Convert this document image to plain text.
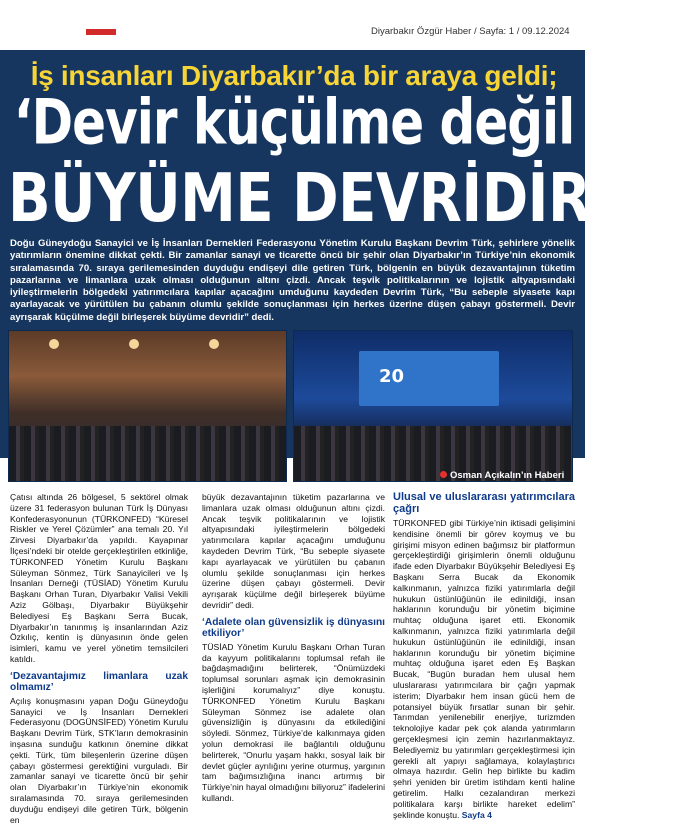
Diyarbakır Özgür Haber / Sayfa: 1 / 09.12.2024
İş insanları Diyarbakır’da bir araya geldi;
‘Devir küçülme değil
BÜYÜME DEVRİDİR..!’
Doğu Güneydoğu Sanayici ve İş İnsanları Dernekleri Federasyonu Yönetim Kurulu Başkanı Devrim Türk, şehirlere yönelik yatırımların önemine dikkat çekti. Bir zamanlar sanayi ve ticarette öncü bir şehir olan Diyarbakır’ın Türkiye’nin ekonomik sıralamasında 70. sıraya gerilemesinden duyduğu endişeyi dile getiren Türk, bölgenin en büyük dezavantajının tüketim pazarlarına ve limanlara uzak olması olduğunun altını çizdi. Ancak teşvik politikalarının ve lojistik altyapısındaki iyileştirmelerin bölgedeki yatırımcılara kapılar açacağını umduğunu kaydeden Devrim Türk, “Bu sebeple siyasete kapı ayarlayacak ve yürütülen bu çabanın olumlu şekilde sonuçlanması için herkes üzerine düşen çabayı göstermeli. Devir ayrışarak küçülme değil birleşerek büyüme devridir” dedi.
20
Osman Açıkalın’ın Haberi

Çatısı altında 26 bölgesel, 5 sektörel olmak üzere 31 federasyon bulunan Türk İş Dünyası Konfederasyonunun (TÜRKONFED) “Küresel Riskler ve Yerel Çözümler” ana temalı 20. Yıl Zirvesi Diyarbakır’da yapıldı. Kayapınar İlçesi’ndeki bir otelde gerçekleştirilen etkinliğe, TÜRKONFED Yönetim Kurulu Başkanı Süleyman Sönmez, Türk Sanayicileri ve İş İnsanları Derneği (TÜSİAD) Yönetim Kurulu Başkanı Orhan Turan, Diyarbakır Valisi Vekili Aziz Gölbaşı, Diyarbakır Büyükşehir Belediyesi Eş Başkanı Serra Bucak, Diyarbakır’ın tanınmış iş insanlarından Aziz Özkılıç, kentin iş dünyasının önde gelen isimleri, kamu ve yerel yönetim temsilcileri katıldı.

‘Dezavantajımız limanlara uzak olmamız’

Açılış konuşmasını yapan Doğu Güneydoğu Sanayici ve İş İnsanları Dernekleri Federasyonu (DOGÜNSİFED) Yönetim Kurulu Başkanı Devrim Türk, STK’ların demokrasinin inşasına sunduğu katkının önemine dikkat çekti. Türk, tüm bileşenlerin üzerine düşen çabayı göstermesi gerektiğini vurguladı. Bir zamanlar sanayi ve ticarette öncü bir şehir olan Diyarbakır’ın Türkiye’nin ekonomik sıralamasında 70. sıraya gerilemesinden duyduğu endişeyi dile getiren Türk, bölgenin en

büyük dezavantajının tüketim pazarlarına ve limanlara uzak olması olduğunun altını çizdi. Ancak teşvik politikalarının ve lojistik altyapısındaki iyileştirmelerin bölgedeki yatırımcılara kapılar açacağını umduğunu kaydeden Devrim Türk, “Bu sebeple siyasete kapı ayarlayacak ve yürütülen bu çabanın olumlu şekilde sonuçlanması için herkes üzerine düşen çabayı göstermeli. Devir ayrışarak küçülme değil birleşerek büyüme devridir” dedi.

‘Adalete olan güvensizlik iş dünyasını etkiliyor’

TÜSİAD Yönetim Kurulu Başkanı Orhan Turan da kayyum politikalarını toplumsal refah ile bağdaşmadığını belirterek, “Önümüzdeki toplumsal sorunları aşmak için demokrasinin işlerliğini korumalıyız” diye konuştu. TÜRKONFED Yönetim Kurulu Başkanı Süleyman Sönmez ise adalete olan güvensizliğin iş dünyasını da etkilediğini söyledi. Sönmez, Türkiye’de kalkınmaya giden yolun demokrasi ile bağlantılı olduğunu belirterek, “Onurlu yaşam hakkı, sosyal laik bir devlet güçler ayrılığını yerine oturmuş, yargının tam bağımsızlığına inancı artırmış bir Türkiye’nin hayal olmadığını biliyoruz” ifadelerini kullandı.

Ulusal ve uluslararası yatırımcılara çağrı

TÜRKONFED gibi Türkiye’nin iktisadi gelişimini kendisine önemli bir görev koymuş ve bu girişimi misyon edinen bağımsız bir platformun gerçekleştirdiği girişimlerin önemli olduğunu ifade eden Diyarbakır Büyükşehir Belediyesi Eş Başkanı Serra Bucak da Ekonomik kalkınmanın, yalnızca fiziki yatırımlarla değil hukukun üstünlüğünün ile edinildiği, insan haklarının korunduğu bir yönetim biçimine muhtaç olduğuna işaret etti. Ekonomik kalkınmanın, yalnızca fiziki yatırımlarla değil hukukun üstünlüğünün ile edinildiği, insan haklarının korunduğu bir yönetim biçimine muhtaç olduğuna işaret eden Eş Başkan Bucak, “Bugün buradan hem ulusal hem uluslararası yatırımcılara bir çağrı yapmak isterim; Diyarbakır hem insan gücü hem de potansiyel büyük fırsatlar sunan bir şehir. Tarımdan yenilenebilir enerjiye, turizmden teknolojiye kadar pek çok alanda yatırımların gerçekleşmesi için zemin hazırlanmaktayız. Belediyemiz bu yatırımları gerçekleştirmesi için gerekli alt yapıyı sağlamaya, kolaylaştırıcı olmaya hazırdır. Gelin hep birlikte bu kadim şehri yeniden bir üretim istihdam kenti haline getirelim. Halkı cezalandıran merkezi politikalara karşı birlikte hareket edelim” şeklinde konuştu. Sayfa 4
